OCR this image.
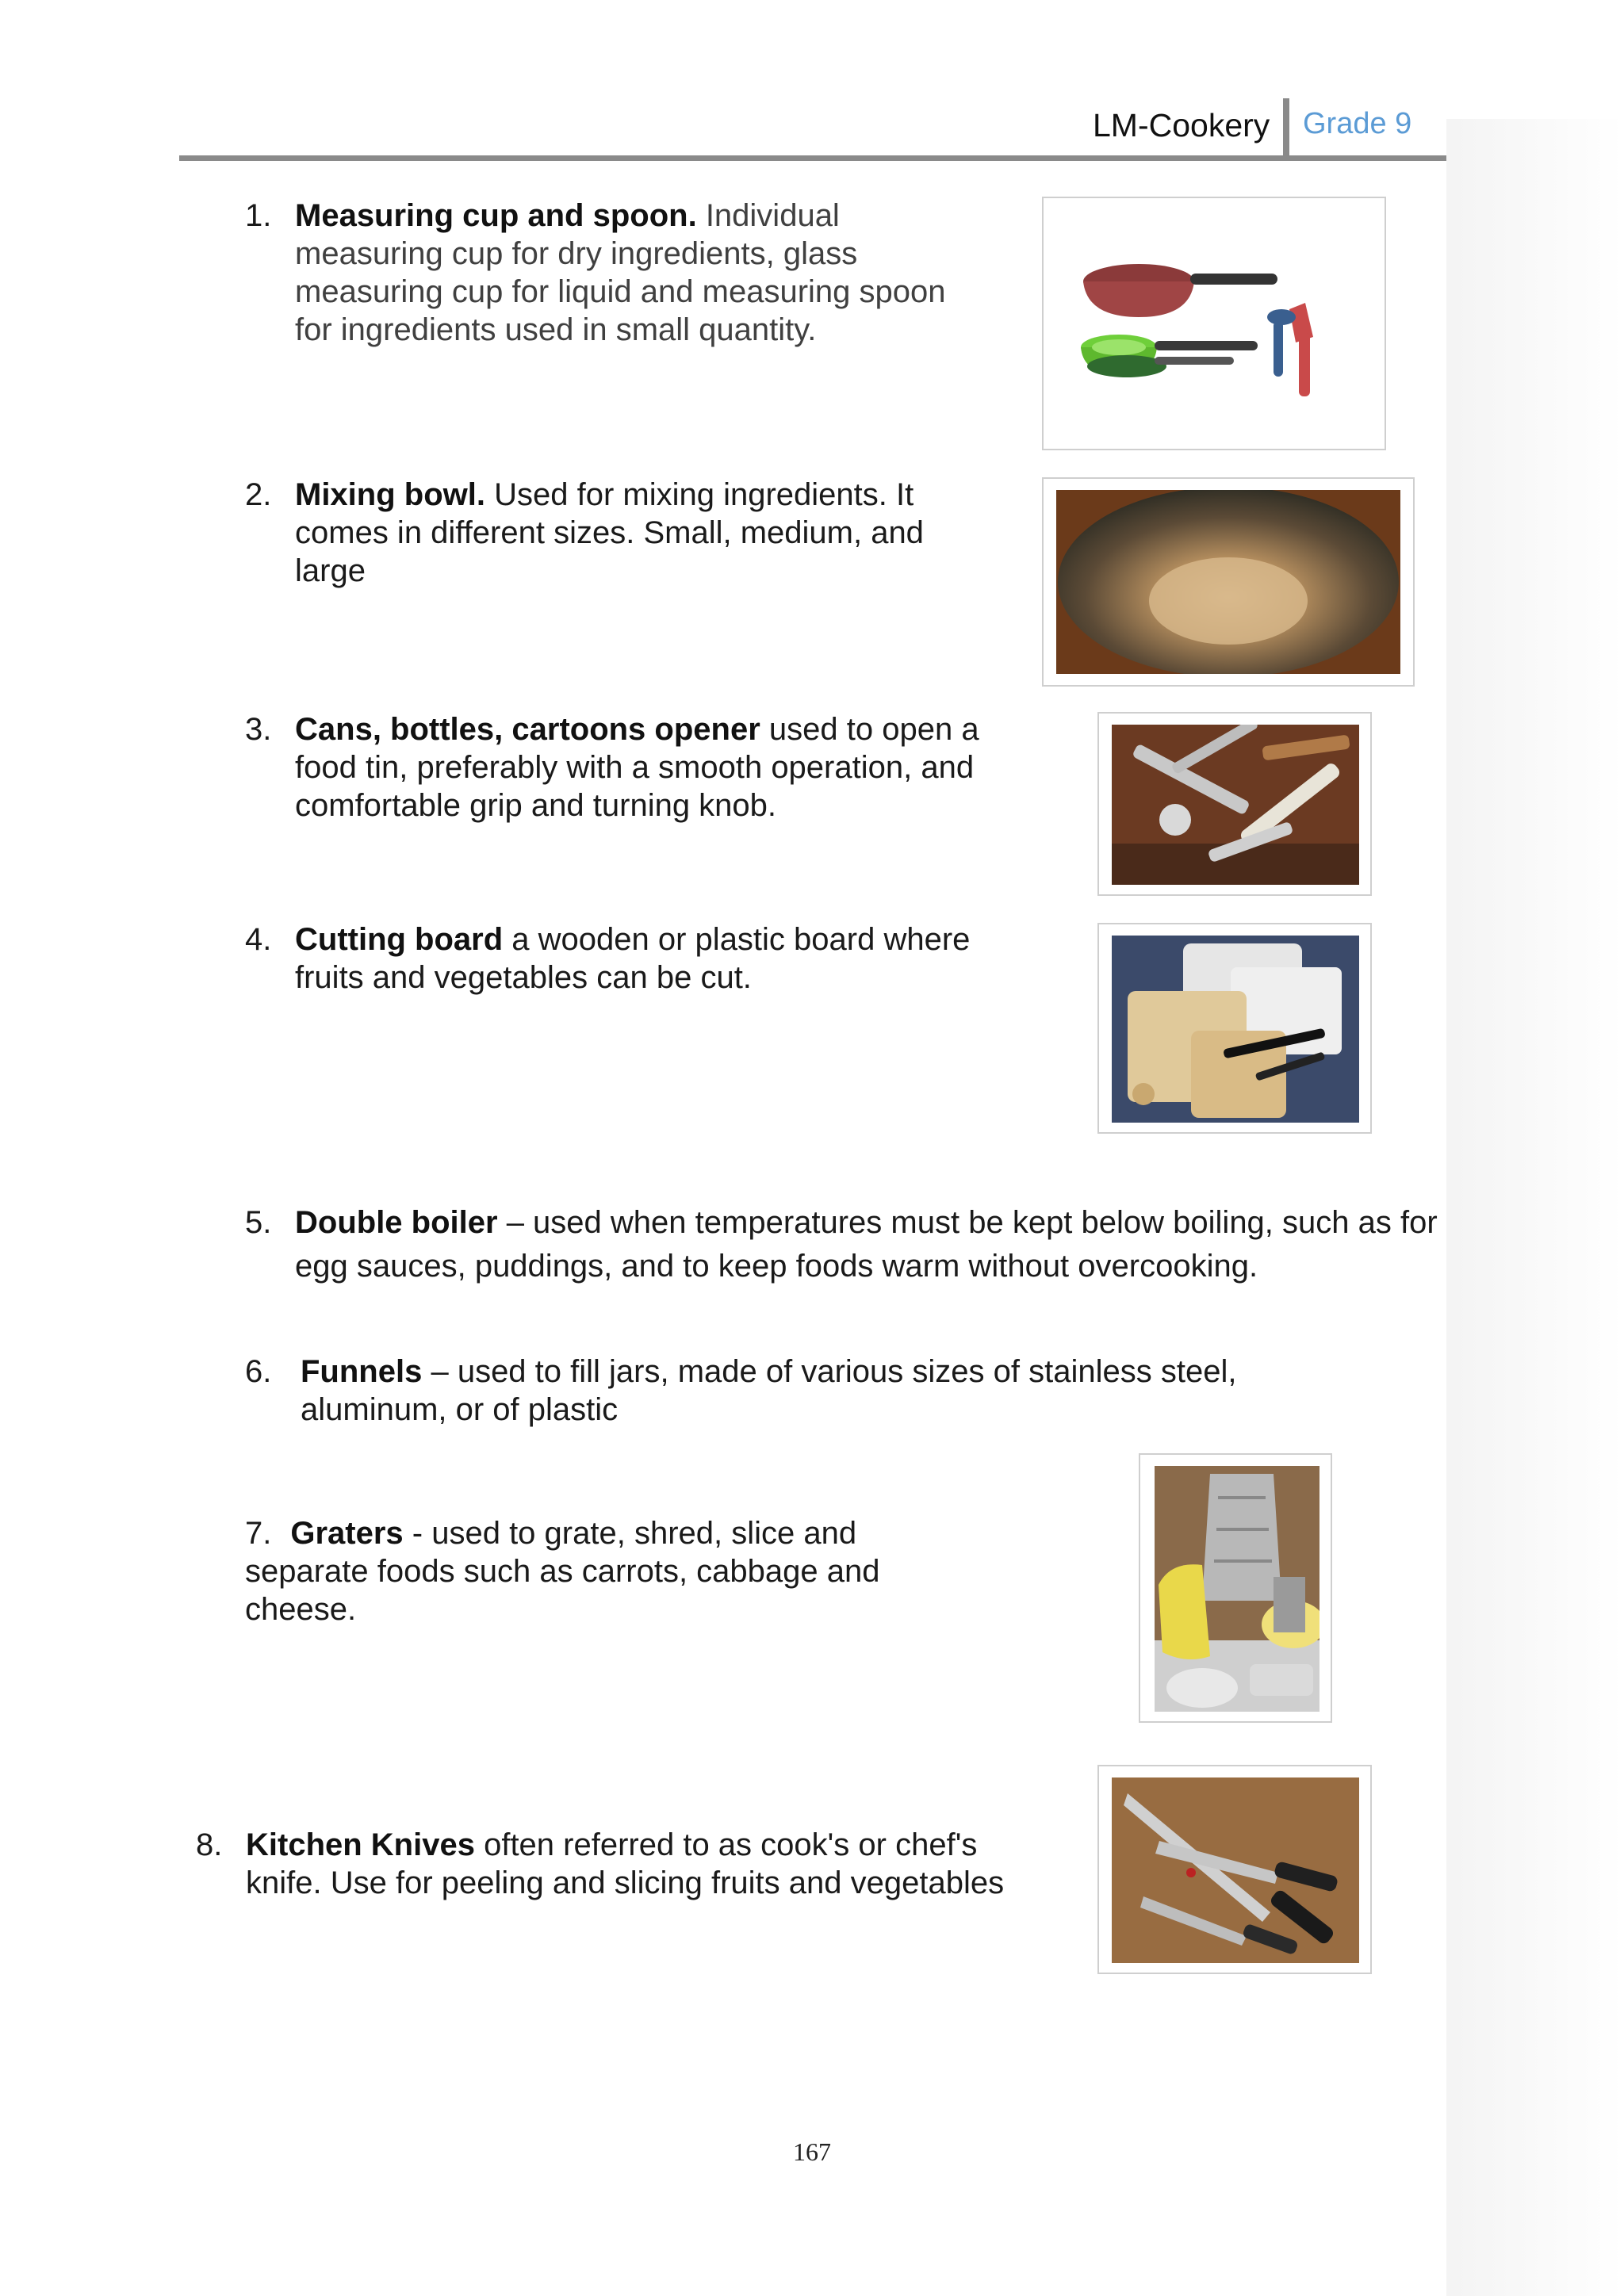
LM-Cookery Grade 9
1. Measuring cup and spoon. Individual measuring cup for dry ingredients, glass measuring cup for liquid and measuring spoon for ingredients used in small quantity.
2. Mixing bowl. Used for mixing ingredients. It comes in different sizes. Small, medium, and large
3. Cans, bottles, cartoons opener used to open a food tin, preferably with a smooth operation, and comfortable grip and turning knob.
4. Cutting board a wooden or plastic board where fruits and vegetables can be cut.
5. Double boiler – used when temperatures must be kept below boiling, such as for egg sauces, puddings, and to keep foods warm without overcooking.
6. Funnels – used to fill jars, made of various sizes of stainless steel, aluminum, or of plastic
7. Graters - used to grate, shred, slice and separate foods such as carrots, cabbage and cheese.
8. Kitchen Knives often referred to as cook's or chef's knife. Use for peeling and slicing fruits and vegetables
167
